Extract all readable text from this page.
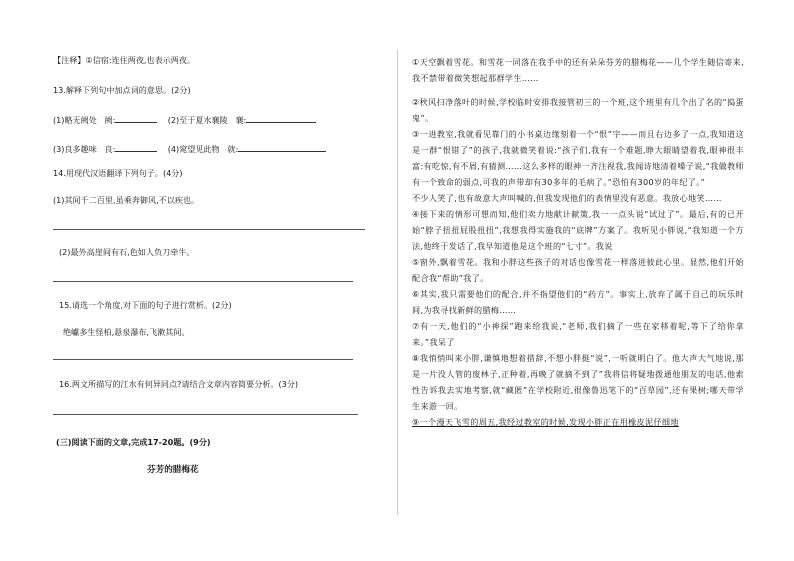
【注释】①信宿:连住两夜,也表示两夜。
13.解释下列句中加点词的意思。(2分)
(1)略无阙处 阙:	(2)至于夏水襄陵 襄:
(3)良多趣味 良:	(4)窕望见此物 就:
14.用现代汉语翻译下列句子。(4分)
(1)其间千二百里,虽乘奔御风,不以疾也。
(2)最外高崖间有石,色如人负刀牵牛。
15.请选一个角度,对下面的句子进行赏析。(2分)
绝巘多生怪柏,悬泉瀑布,飞漱其间。
16.两文所描写的江水有何异同点?请结合文章内容简要分析。(3分)
(三)阅读下面的文章,完成17-20题。(9分)
芬芳的腊梅花

①天空飘着雪花。和雪花一同落在我手中的还有朵朵芬芳的腊梅花——几个学生随信寄来,我不禁带着微笑想起那群学生……

②秋风扫净落叶的时候,学校临时安排我接管初三的一个班,这个班里有几个出了名的“捣蛋鬼”。

③一进教室,我就看见靠门的小书桌边缘刻着一个“恨”字——而且右边多了一点,我知道这是一群“恨错了”的孩子,我就微笑着说:“孩子们,我有一个难题,睁大眼睛望着我,眼神很丰富:有吃惊,有不屑,有猜测……这么多样的眼神一齐注视我,我闻诗地清着嗓子说,“我做教师有一个致命的弱点,可我的声带却有30多年的毛病了。”恐怕有300岁的年纪了。”

不少人笑了,也有故意大声叫喊的,但我发现他们的表情里没有恶意。我放心地笑……

④接下来的情形可想而知,他们卖力地献计献策,我一一点头说“试过了”。最后,有的已开始“脖子扭扭屁股扭扭”,我想我得实施我的“底牌”方案了。我听见小胖说,“我知道一个方法,他终于发话了,我早知道他是这个班的“七寸”。我说

⑤窗外,飘着雪花。我和小胖这些孩子的对话也像雪花一样落进彼此心里。显然,他们开始配合我“帮助”我了。

⑥其实,我只需要他们的配合,并不指望他们的“药方”。事实上,放弃了属于自己的玩乐时间,为我寻找新鲜的腊梅……

⑦有一天,他们的“小神探”跑来给我说,“老师,我们摘了一些在家移着呢,等下了给你拿来。”我呆了

⑧我悄悄叫来小胖,谦慎地想着措辞,不想小胖挺“说”,一听就明白了。他大声大气地说,那是一片没人管的废林子,正种着,再晚了就摘不到了”我将信将疑地拨通他朋友的电话,他索性告诉我去实地考察,就“藏匿”在学校附近,很像鲁迅笔下的“百草园”,还有果树;哪天带学生来游一回。

⑨一个漫天飞雪的周五,我经过教室的时候,发现小胖正在用橡皮泥仔细地
